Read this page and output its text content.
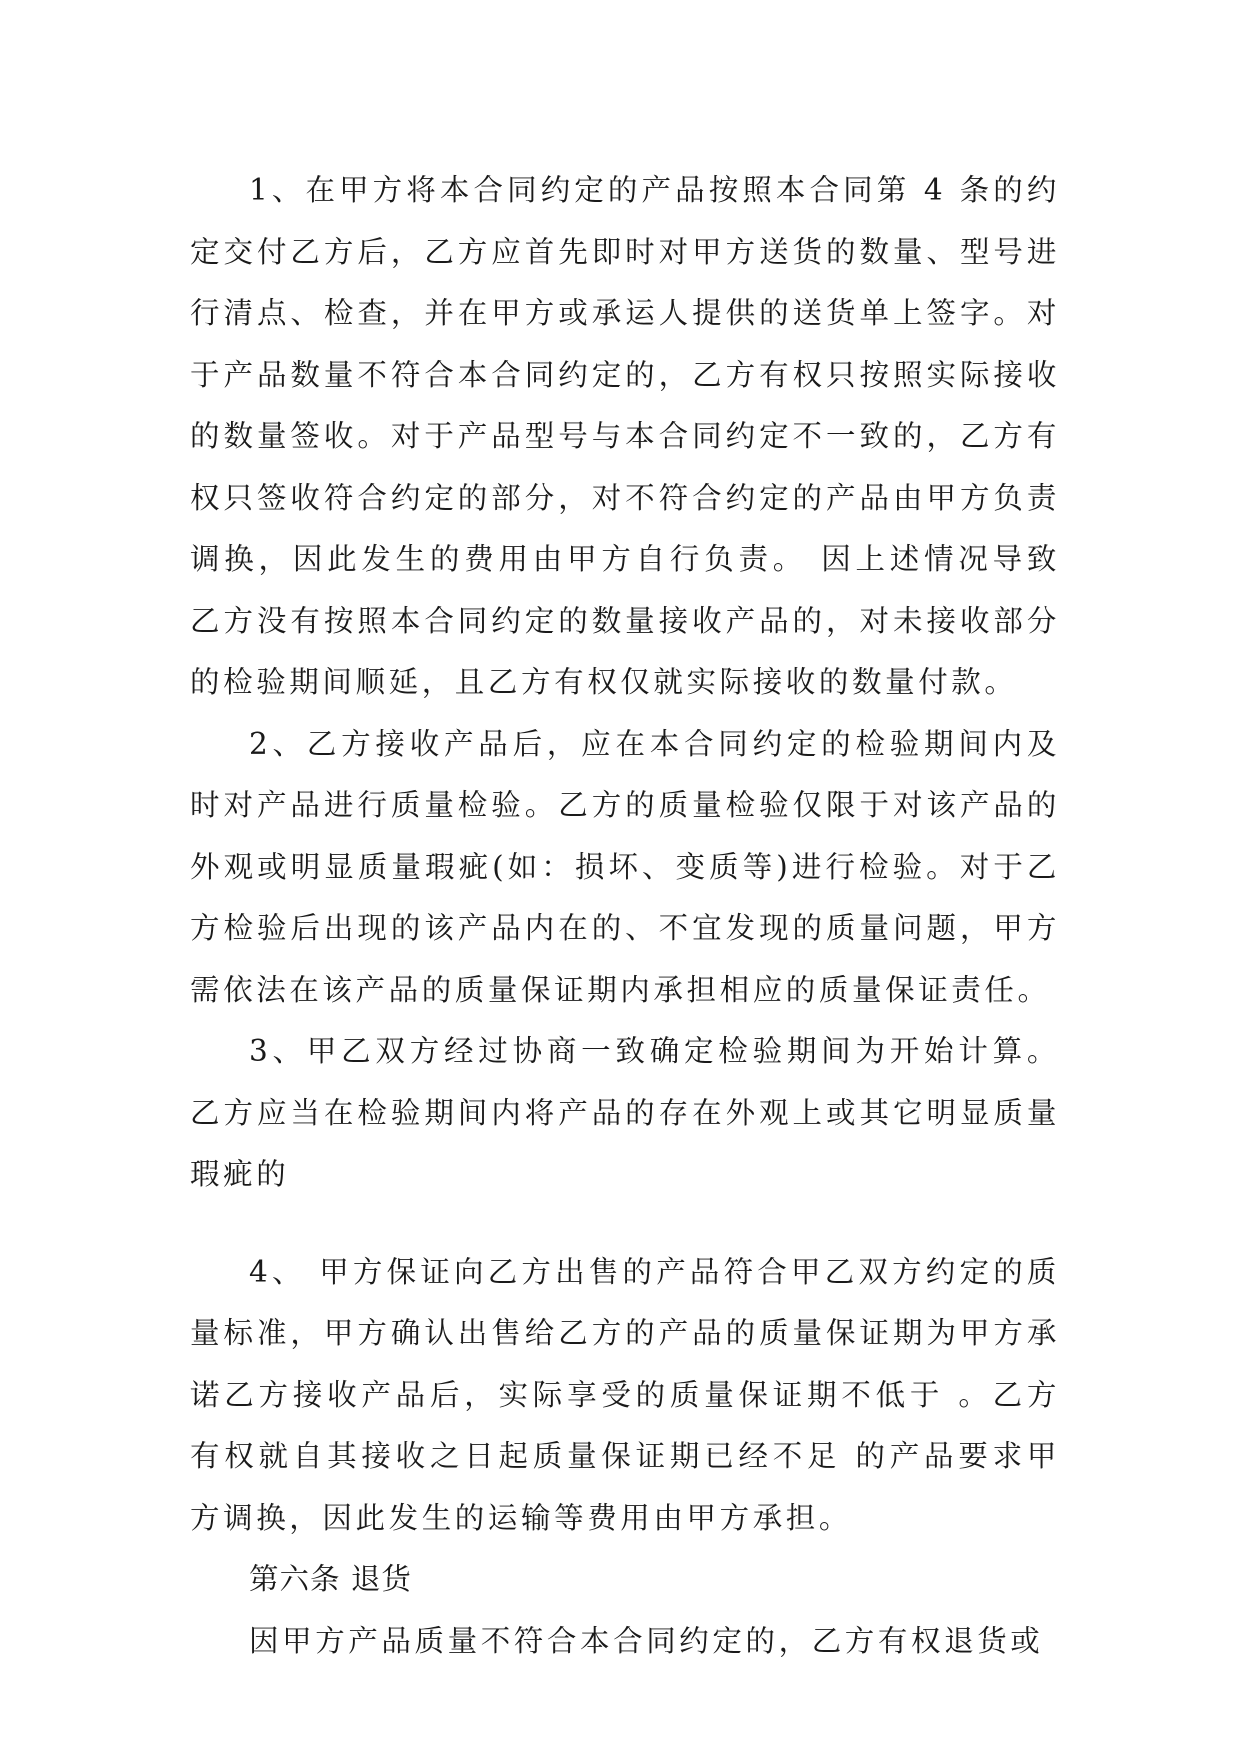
1、在甲方将本合同约定的产品按照本合同第 4 条的约定交付乙方后，乙方应首先即时对甲方送货的数量、型号进行清点、检查，并在甲方或承运人提供的送货单上签字。对于产品数量不符合本合同约定的，乙方有权只按照实际接收的数量签收。对于产品型号与本合同约定不一致的，乙方有权只签收符合约定的部分，对不符合约定的产品由甲方负责调换，因此发生的费用由甲方自行负责。 因上述情况导致乙方没有按照本合同约定的数量接收产品的，对未接收部分的检验期间顺延，且乙方有权仅就实际接收的数量付款。

2、乙方接收产品后，应在本合同约定的检验期间内及时对产品进行质量检验。乙方的质量检验仅限于对该产品的外观或明显质量瑕疵(如：损坏、变质等)进行检验。对于乙方检验后出现的该产品内在的、不宜发现的质量问题，甲方需依法在该产品的质量保证期内承担相应的质量保证责任。

3、甲乙双方经过协商一致确定检验期间为开始计算。乙方应当在检验期间内将产品的存在外观上或其它明显质量瑕疵的

4、 甲方保证向乙方出售的产品符合甲乙双方约定的质量标准，甲方确认出售给乙方的产品的质量保证期为甲方承诺乙方接收产品后，实际享受的质量保证期不低于 。乙方有权就自其接收之日起质量保证期已经不足 的产品要求甲方调换，因此发生的运输等费用由甲方承担。

第六条 退货

因甲方产品质量不符合本合同约定的，乙方有权退货或
